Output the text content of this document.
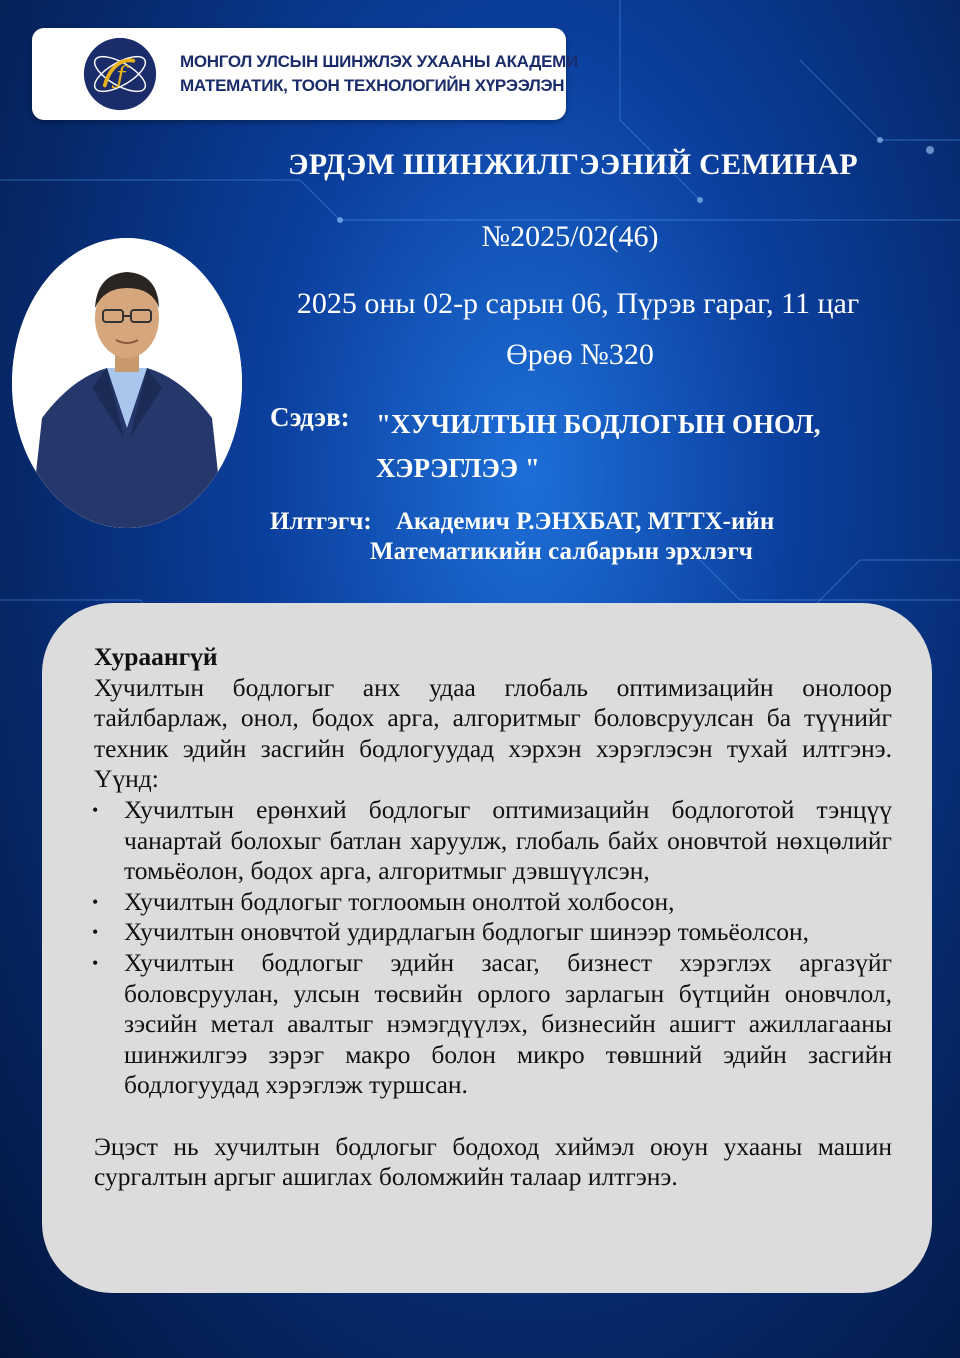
ƒ	МОНГОЛ УЛСЫН ШИНЖЛЭХ УХААНЫ АКАДЕМИ
МАТЕМАТИК, ТООН ТЕХНОЛОГИЙН ХҮРЭЭЛЭН
ЭРДЭМ ШИНЖИЛГЭЭНИЙ СЕМИНАР
№2025/02(46)
2025 оны 02-р сарын 06, Пүрэв гараг, 11 цаг
Өрөө №320
Сэдэв: "ХУЧИЛТЫН БОДЛОГЫН ОНОЛ, ХЭРЭГЛЭЭ "
Илтгэгч: Академич Р.ЭНХБАТ, МТТХ-ийн
Математикийн салбарын эрхлэгч
Хураангүй
Хучилтын бодлогыг анх удаа глобаль оптимизацийн онолоор тайлбарлаж, онол, бодох арга, алгоритмыг боловсруулсан ба түүнийг техник эдийн засгийн бодлогуудад хэрхэн хэрэглэсэн тухай илтгэнэ. Үүнд:
• Хучилтын ерөнхий бодлогыг оптимизацийн бодлоготой тэнцүү чанартай болохыг батлан харуулж, глобаль байх оновчтой нөхцөлийг томьёолон, бодох арга, алгоритмыг дэвшүүлсэн,
• Хучилтын бодлогыг тоглоомын онолтой холбосон,
• Хучилтын оновчтой удирдлагын бодлогыг шинээр томьёолсон,
• Хучилтын бодлогыг эдийн засаг, бизнест хэрэглэх аргазүйг боловсруулан, улсын төсвийн орлого зарлагын бүтцийн оновчлол, зэсийн метал авалтыг нэмэгдүүлэх, бизнесийн ашигт ажиллагааны шинжилгээ зэрэг макро болон микро төвшний эдийн засгийн бодлогуудад хэрэглэж туршсан.
Эцэст нь хучилтын бодлогыг бодоход хиймэл оюун ухааны машин сургалтын аргыг ашиглах боломжийн талаар илтгэнэ.
